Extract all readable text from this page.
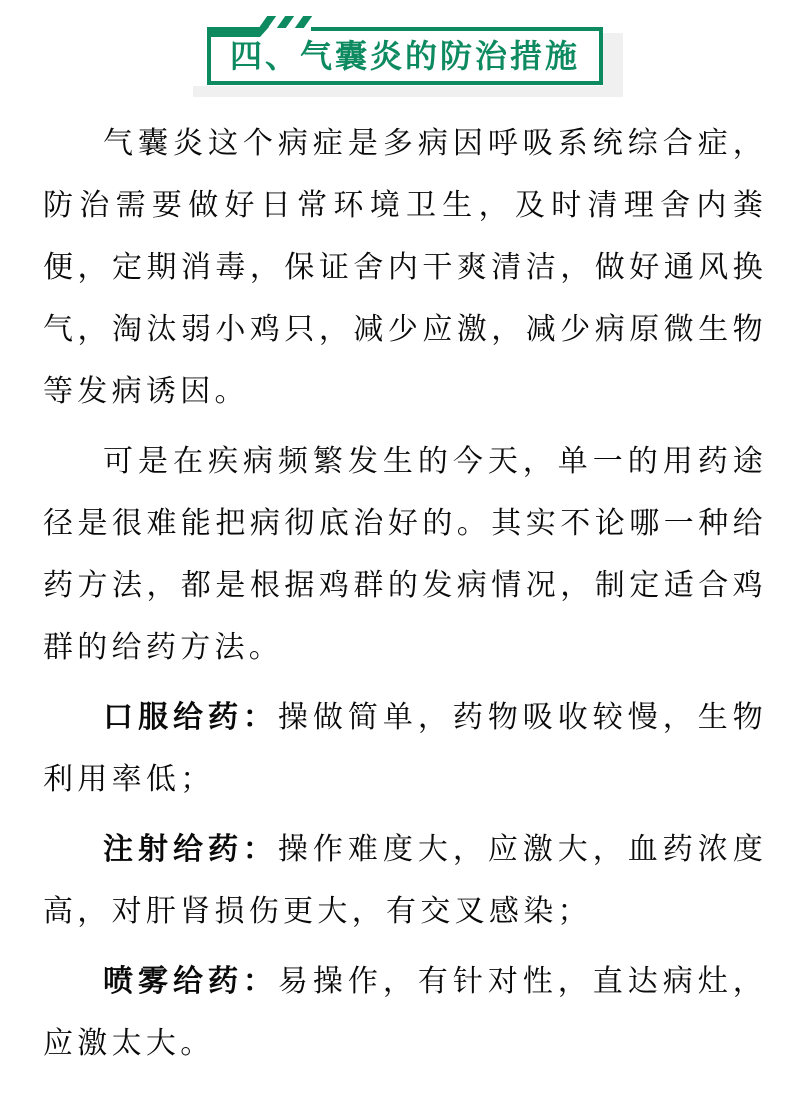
四、气囊炎的防治措施

气囊炎这个病症是多病因呼吸系统综合症，防治需要做好日常环境卫生，及时清理舍内粪便，定期消毒，保证舍内干爽清洁，做好通风换气，淘汰弱小鸡只，减少应激，减少病原微生物等发病诱因。

可是在疾病频繁发生的今天，单一的用药途径是很难能把病彻底治好的。其实不论哪一种给药方法，都是根据鸡群的发病情况，制定适合鸡群的给药方法。

口服给药：操做简单，药物吸收较慢，生物利用率低；

注射给药：操作难度大，应激大，血药浓度高，对肝肾损伤更大，有交叉感染；

喷雾给药：易操作，有针对性，直达病灶，应激太大。
